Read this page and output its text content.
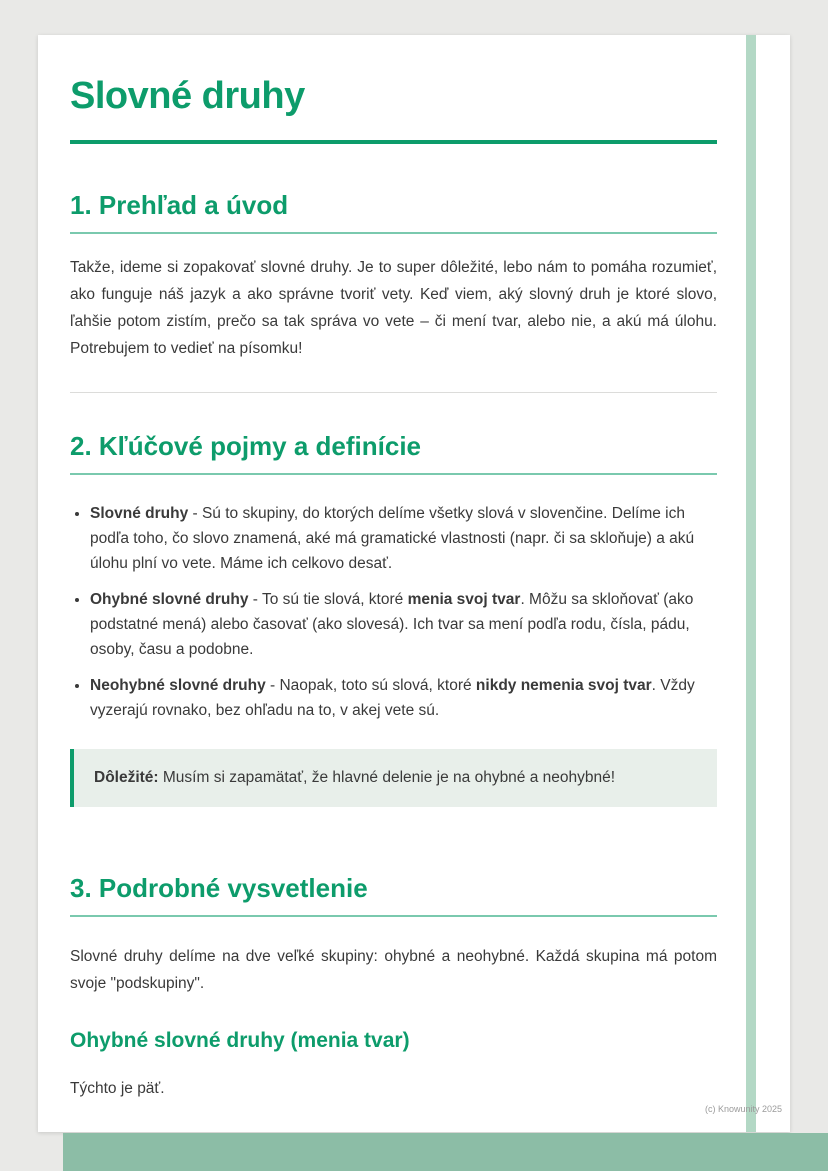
Slovné druhy
1. Prehľad a úvod

Takže, ideme si zopakovať slovné druhy. Je to super dôležité, lebo nám to pomáha rozumieť, ako funguje náš jazyk a ako správne tvoriť vety. Keď viem, aký slovný druh je ktoré slovo, ľahšie potom zistím, prečo sa tak správa vo vete – či mení tvar, alebo nie, a akú má úlohu. Potrebujem to vedieť na písomku!

2. Kľúčové pojmy a definície
• Slovné druhy - Sú to skupiny, do ktorých delíme všetky slová v slovenčine. Delíme ich podľa toho, čo slovo znamená, aké má gramatické vlastnosti (napr. či sa skloňuje) a akú úlohu plní vo vete. Máme ich celkovo desať.
• Ohybné slovné druhy - To sú tie slová, ktoré menia svoj tvar. Môžu sa skloňovať (ako podstatné mená) alebo časovať (ako slovesá). Ich tvar sa mení podľa rodu, čísla, pádu, osoby, času a podobne.
• Neohybné slovné druhy - Naopak, toto sú slová, ktoré nikdy nemenia svoj tvar. Vždy vyzerajú rovnako, bez ohľadu na to, v akej vete sú.
Dôležité: Musím si zapamätať, že hlavné delenie je na ohybné a neohybné!
3. Podrobné vysvetlenie

Slovné druhy delíme na dve veľké skupiny: ohybné a neohybné. Každá skupina má potom svoje "podskupiny".

Ohybné slovné druhy (menia tvar)

Týchto je päť.

(c) Knowunity 2025
